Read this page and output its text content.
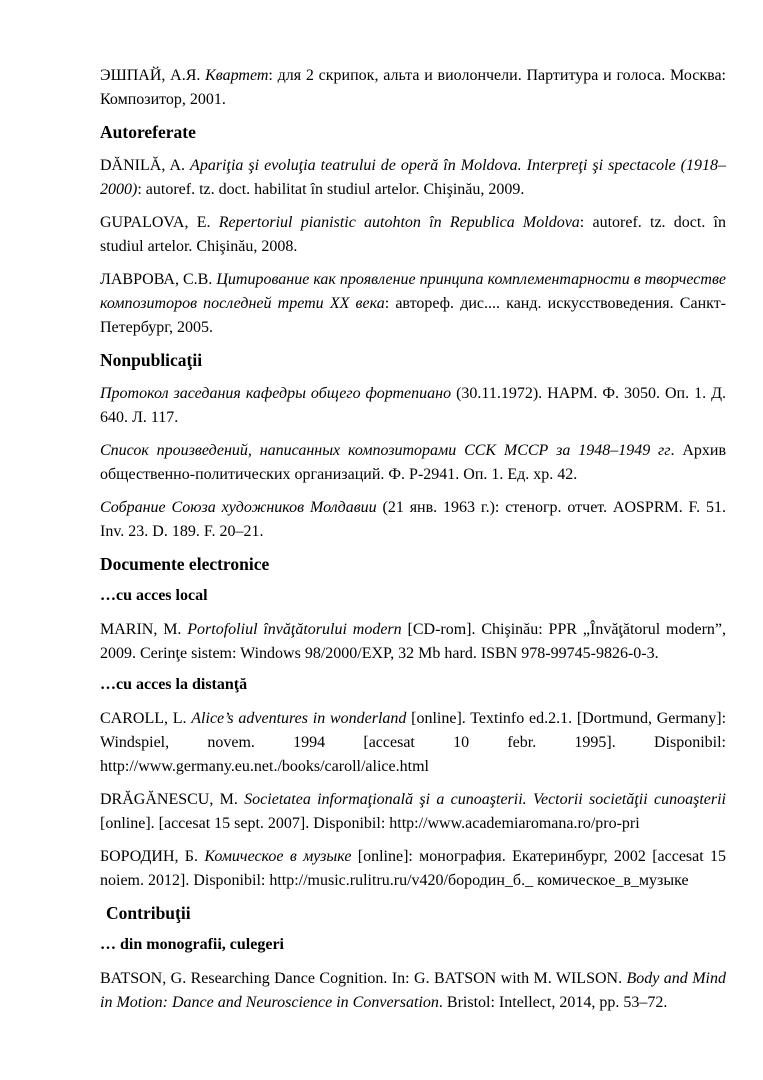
ЭШПАЙ, А.Я. Квартет: для 2 скрипок, альта и виолончели. Партитура и голоса. Москва: Композитор, 2001.

Autoreferate

DĂNILĂ, A. Apariţia şi evoluţia teatrului de operă în Moldova. Interpreţi şi spectacole (1918–2000): autoref. tz. doct. habilitat în studiul artelor. Chişinău, 2009.

GUPALOVA, E. Repertoriul pianistic autohton în Republica Moldova: autoref. tz. doct. în studiul artelor. Chişinău, 2008.

ЛАВРОВА, С.В. Цитирование как проявление принципа комплементарности в творчестве композиторов последней трети XX века: автореф. дис.... канд. искусствоведения. Санкт-Петербург, 2005.

Nonpublicaţii

Протокол заседания кафедры общего фортепиано (30.11.1972). НАРМ. Ф. 3050. Оп. 1. Д. 640. Л. 117.

Список произведений, написанных композиторами ССК МССР за 1948–1949 гг. Архив общественно-политических организаций. Ф. Р-2941. Оп. 1. Ед. хр. 42.

Собрание Союза художников Молдавии (21 янв. 1963 г.): стеногр. отчет. AOSPRM. F. 51. Inv. 23. D. 189. F. 20–21.

Documente electronice
…cu acces local

MARIN, M. Portofoliul învăţătorului modern [CD-rom]. Chişinău: PPR „Învăţătorul modern”, 2009. Cerinţe sistem: Windows 98/2000/EXP, 32 Mb hard. ISBN 978-99745-9826-0-3.

…cu acces la distanţă

CAROLL, L. Alice’s adventures in wonderland [online]. Textinfo ed.2.1. [Dortmund, Germany]: Windspiel, novem. 1994 [accesat 10 febr. 1995]. Disponibil: http://www.germany.eu.net./books/caroll/alice.html

DRĂGĂNESCU, M. Societatea informaţională şi a cunoaşterii. Vectorii societăţii cunoaşterii [online]. [accesat 15 sept. 2007]. Disponibil: http://www.academiaromana.ro/pro-pri

БОРОДИН, Б. Комическое в музыке [online]: монография. Екатеринбург, 2002 [accesat 15 noiem. 2012]. Disponibil: http://music.rulitru.ru/v420/бородин_б._ комическое_в_музыке

Contribuţii
… din monografii, culegeri

BATSON, G. Researching Dance Cognition. In: G. BATSON with M. WILSON. Body and Mind in Motion: Dance and Neuroscience in Conversation. Bristol: Intellect, 2014, pp. 53–72.
